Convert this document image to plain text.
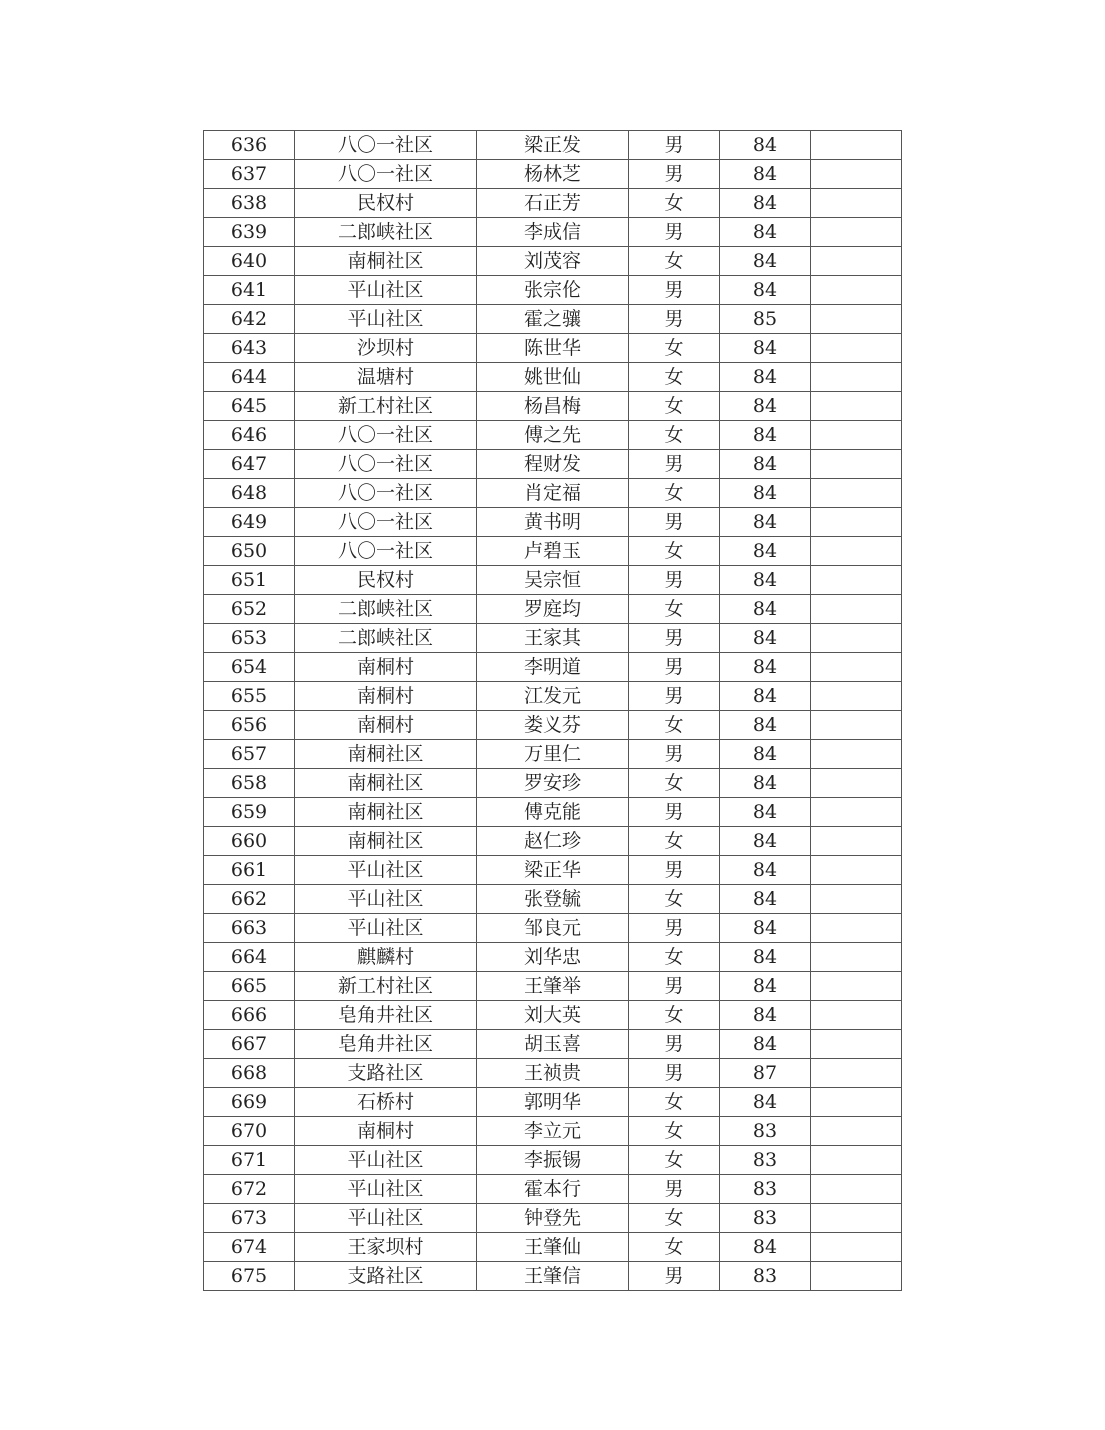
636	八〇一社区	梁正发	男	84	
637	八〇一社区	杨林芝	男	84	
638	民权村	石正芳	女	84	
639	二郎峡社区	李成信	男	84	
640	南桐社区	刘茂容	女	84	
641	平山社区	张宗伦	男	84	
642	平山社区	霍之骧	男	85	
643	沙坝村	陈世华	女	84	
644	温塘村	姚世仙	女	84	
645	新工村社区	杨昌梅	女	84	
646	八〇一社区	傅之先	女	84	
647	八〇一社区	程财发	男	84	
648	八〇一社区	肖定福	女	84	
649	八〇一社区	黄书明	男	84	
650	八〇一社区	卢碧玉	女	84	
651	民权村	吴宗恒	男	84	
652	二郎峡社区	罗庭均	女	84	
653	二郎峡社区	王家其	男	84	
654	南桐村	李明道	男	84	
655	南桐村	江发元	男	84	
656	南桐村	娄义芬	女	84	
657	南桐社区	万里仁	男	84	
658	南桐社区	罗安珍	女	84	
659	南桐社区	傅克能	男	84	
660	南桐社区	赵仁珍	女	84	
661	平山社区	梁正华	男	84	
662	平山社区	张登毓	女	84	
663	平山社区	邹良元	男	84	
664	麒麟村	刘华忠	女	84	
665	新工村社区	王肇举	男	84	
666	皂角井社区	刘大英	女	84	
667	皂角井社区	胡玉喜	男	84	
668	支路社区	王祯贵	男	87	
669	石桥村	郭明华	女	84	
670	南桐村	李立元	女	83	
671	平山社区	李振锡	女	83	
672	平山社区	霍本行	男	83	
673	平山社区	钟登先	女	83	
674	王家坝村	王肇仙	女	84	
675	支路社区	王肇信	男	83	
